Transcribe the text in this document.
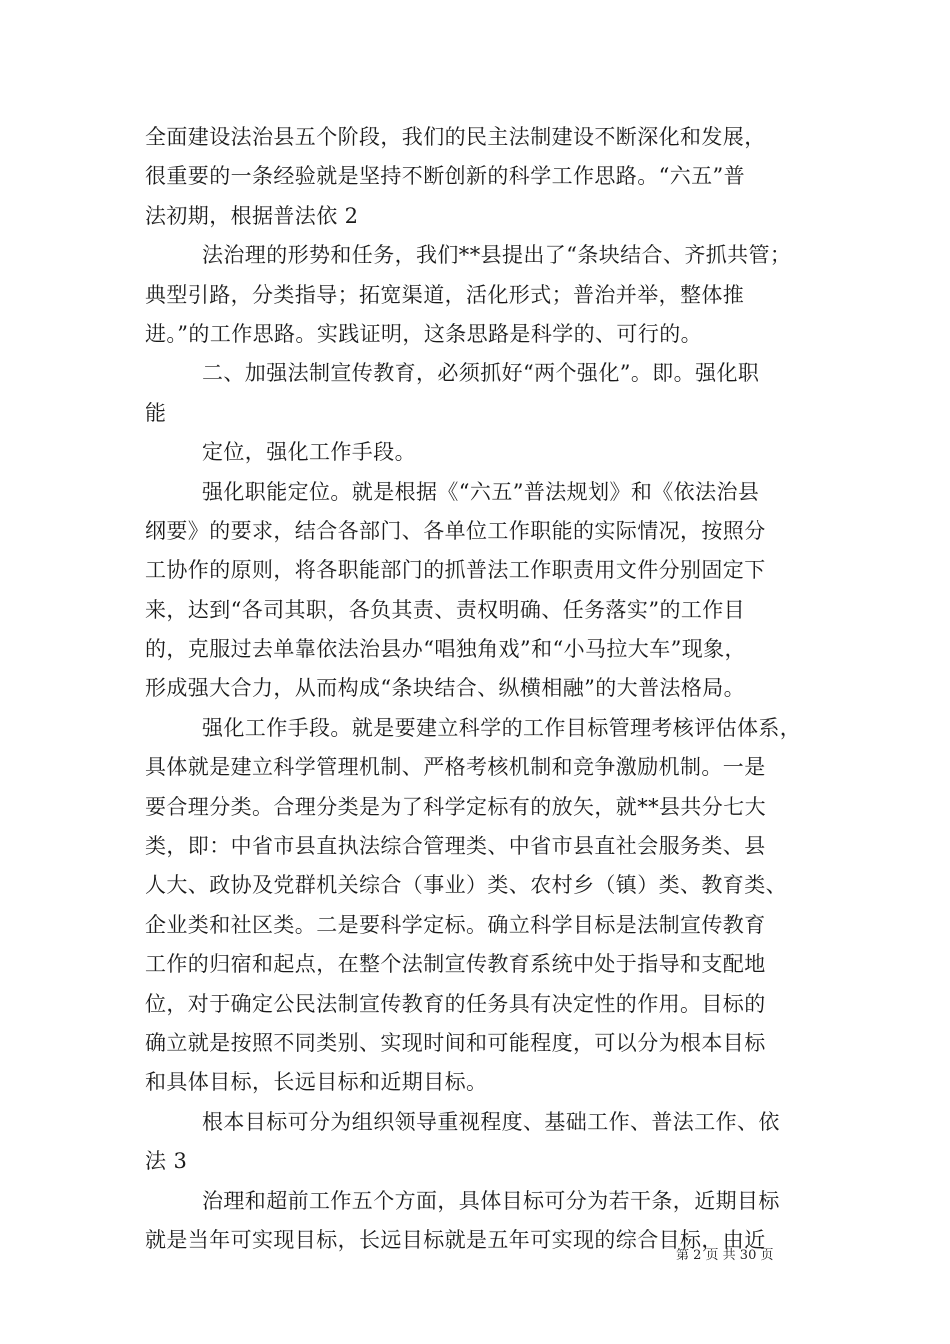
全面建设法治县五个阶段，我们的民主法制建设不断深化和发展，
很重要的一条经验就是坚持不断创新的科学工作思路。“六五”普
法初期，根据普法依 2
法治理的形势和任务，我们**县提出了“条块结合、齐抓共管；
典型引路，分类指导；拓宽渠道，活化形式；普治并举，整体推
进。”的工作思路。实践证明，这条思路是科学的、可行的。
二、加强法制宣传教育，必须抓好“两个强化”。即。强化职
能
定位，强化工作手段。
强化职能定位。就是根据《“六五”普法规划》和《依法治县
纲要》的要求，结合各部门、各单位工作职能的实际情况，按照分
工协作的原则，将各职能部门的抓普法工作职责用文件分别固定下
来，达到“各司其职，各负其责、责权明确、任务落实”的工作目
的，克服过去单靠依法治县办“唱独角戏”和“小马拉大车”现象，
形成强大合力，从而构成“条块结合、纵横相融”的大普法格局。
强化工作手段。就是要建立科学的工作目标管理考核评估体系，
具体就是建立科学管理机制、严格考核机制和竞争激励机制。一是
要合理分类。合理分类是为了科学定标有的放矢，就**县共分七大
类，即：中省市县直执法综合管理类、中省市县直社会服务类、县
人大、政协及党群机关综合（事业）类、农村乡（镇）类、教育类、
企业类和社区类。二是要科学定标。确立科学目标是法制宣传教育
工作的归宿和起点，在整个法制宣传教育系统中处于指导和支配地
位，对于确定公民法制宣传教育的任务具有决定性的作用。目标的
确立就是按照不同类别、实现时间和可能程度，可以分为根本目标
和具体目标，长远目标和近期目标。
根本目标可分为组织领导重视程度、基础工作、普法工作、依
法 3
治理和超前工作五个方面，具体目标可分为若干条，近期目标
就是当年可实现目标，长远目标就是五年可实现的综合目标，由近
第 2 页 共 30 页
